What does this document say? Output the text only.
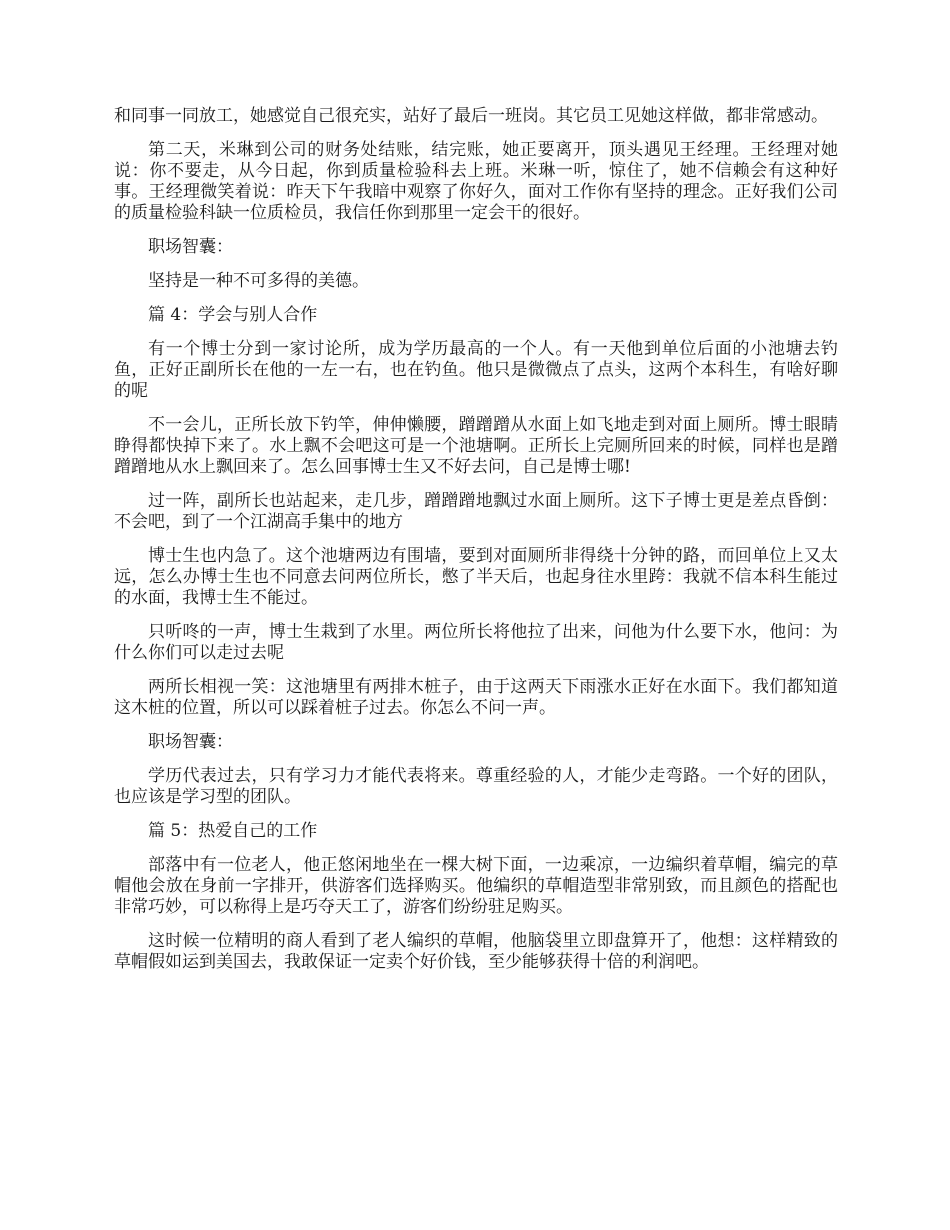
和同事一同放工，她感觉自己很充实，站好了最后一班岗。其它员工见她这样做，都非常感动。

第二天，米琳到公司的财务处结账，结完账，她正要离开，顶头遇见王经理。王经理对她说：你不要走，从今日起，你到质量检验科去上班。米琳一听，惊住了，她不信赖会有这种好事。王经理微笑着说：昨天下午我暗中观察了你好久，面对工作你有坚持的理念。正好我们公司的质量检验科缺一位质检员，我信任你到那里一定会干的很好。

职场智囊：

坚持是一种不可多得的美德。

篇 4：学会与别人合作

有一个博士分到一家讨论所，成为学历最高的一个人。有一天他到单位后面的小池塘去钓鱼，正好正副所长在他的一左一右，也在钓鱼。他只是微微点了点头，这两个本科生，有啥好聊的呢

不一会儿，正所长放下钓竿，伸伸懒腰，蹭蹭蹭从水面上如飞地走到对面上厕所。博士眼睛睁得都快掉下来了。水上飘不会吧这可是一个池塘啊。正所长上完厕所回来的时候，同样也是蹭蹭蹭地从水上飘回来了。怎么回事博士生又不好去问，自己是博士哪!

过一阵，副所长也站起来，走几步，蹭蹭蹭地飘过水面上厕所。这下子博士更是差点昏倒：不会吧，到了一个江湖高手集中的地方

博士生也内急了。这个池塘两边有围墙，要到对面厕所非得绕十分钟的路，而回单位上又太远，怎么办博士生也不同意去问两位所长，憋了半天后，也起身往水里跨：我就不信本科生能过的水面，我博士生不能过。

只听咚的一声，博士生栽到了水里。两位所长将他拉了出来，问他为什么要下水，他问：为什么你们可以走过去呢

两所长相视一笑：这池塘里有两排木桩子，由于这两天下雨涨水正好在水面下。我们都知道这木桩的位置，所以可以踩着桩子过去。你怎么不问一声。

职场智囊：

学历代表过去，只有学习力才能代表将来。尊重经验的人，才能少走弯路。一个好的团队，也应该是学习型的团队。

篇 5：热爱自己的工作

部落中有一位老人，他正悠闲地坐在一棵大树下面，一边乘凉，一边编织着草帽，编完的草帽他会放在身前一字排开，供游客们选择购买。他编织的草帽造型非常别致，而且颜色的搭配也非常巧妙，可以称得上是巧夺天工了，游客们纷纷驻足购买。

这时候一位精明的商人看到了老人编织的草帽，他脑袋里立即盘算开了，他想：这样精致的草帽假如运到美国去，我敢保证一定卖个好价钱，至少能够获得十倍的利润吧。
